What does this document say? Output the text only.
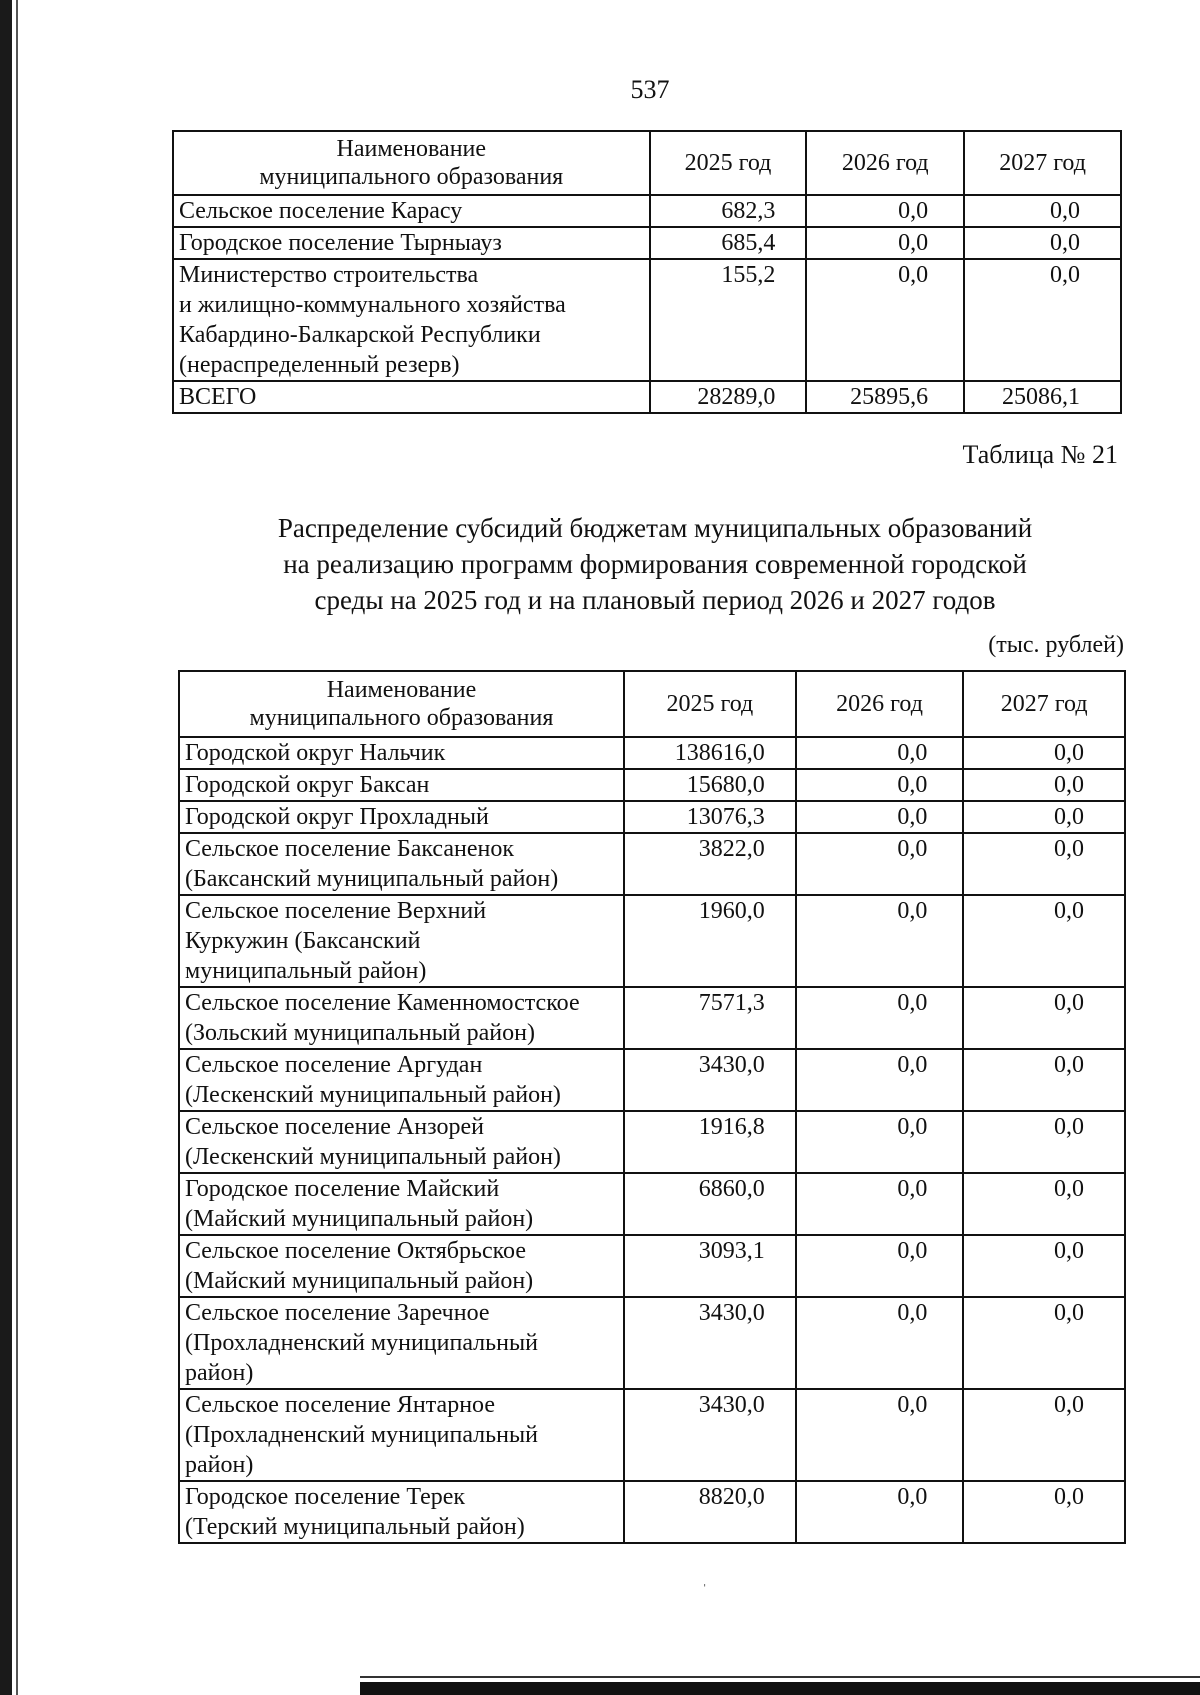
537
Наименование
муниципального образования	2025 год	2026 год	2027 год
Сельское поселение Карасу	682,3	0,0	0,0
Городское поселение Тырныауз	685,4	0,0	0,0
Министерство строительства
и жилищно-коммунального хозяйства
Кабардино-Балкарской Республики
(нераспределенный резерв)	155,2	0,0	0,0
ВСЕГО	28289,0	25895,6	25086,1
Таблица № 21
Распределение субсидий бюджетам муниципальных образований
на реализацию программ формирования современной городской
среды на 2025 год и на плановый период 2026 и 2027 годов
(тыс. рублей)
Наименование
муниципального образования	2025 год	2026 год	2027 год
Городской округ Нальчик	138616,0	0,0	0,0
Городской округ Баксан	15680,0	0,0	0,0
Городской округ Прохладный	13076,3	0,0	0,0
Сельское поселение Баксаненок
(Баксанский муниципальный район)	3822,0	0,0	0,0
Сельское поселение Верхний
Куркужин (Баксанский
муниципальный район)	1960,0	0,0	0,0
Сельское поселение Каменномостское
(Зольский муниципальный район)	7571,3	0,0	0,0
Сельское поселение Аргудан
(Лескенский муниципальный район)	3430,0	0,0	0,0
Сельское поселение Анзорей
(Лескенский муниципальный район)	1916,8	0,0	0,0
Городское поселение Майский
(Майский муниципальный район)	6860,0	0,0	0,0
Сельское поселение Октябрьское
(Майский муниципальный район)	3093,1	0,0	0,0
Сельское поселение Заречное
(Прохладненский муниципальный
район)	3430,0	0,0	0,0
Сельское поселение Янтарное
(Прохладненский муниципальный
район)	3430,0	0,0	0,0
Городское поселение Терек
(Терский муниципальный район)	8820,0	0,0	0,0
ˈ
